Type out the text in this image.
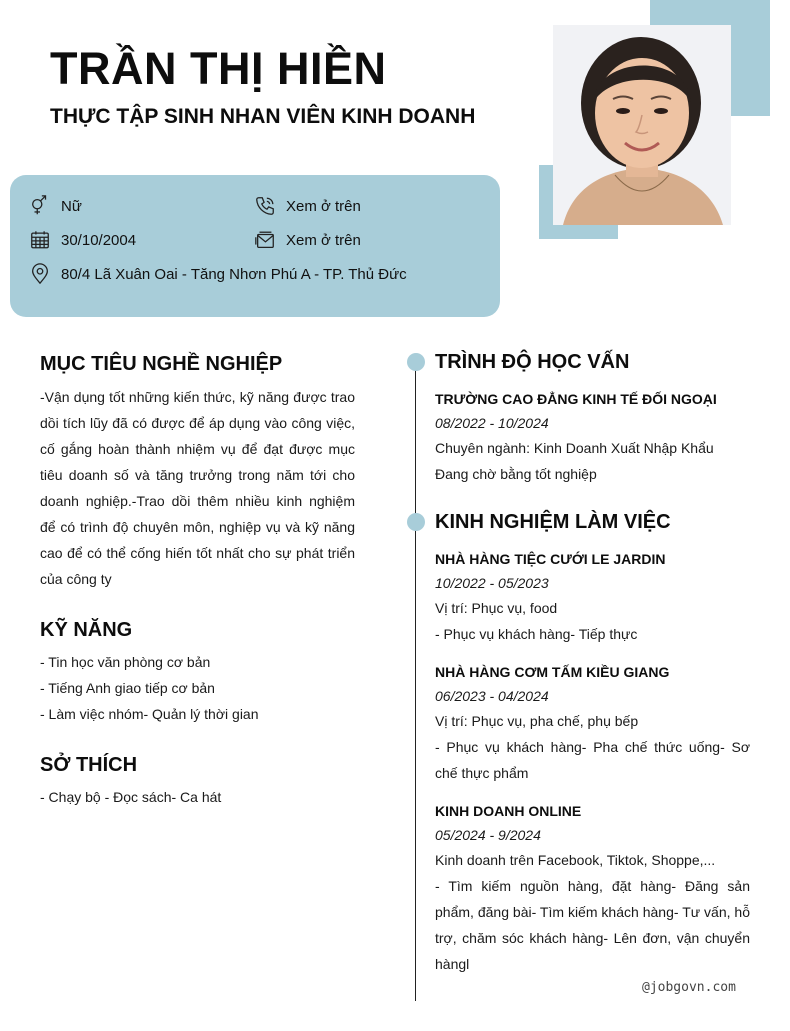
TRẦN THỊ HIỀN
THỰC TẬP SINH NHAN VIÊN KINH DOANH
Nữ
30/10/2004
80/4 Lã Xuân Oai - Tăng Nhơn Phú A - TP. Thủ Đức
Xem ở trên
Xem ở trên
MỤC TIÊU NGHỀ NGHIỆP
-Vận dụng tốt những kiến thức, kỹ năng được trao dồi tích lũy đã có được để áp dụng vào công việc, cố gắng hoàn thành nhiệm vụ để đạt được mục tiêu doanh số và tăng trưởng trong năm tới cho doanh nghiệp.-Trao dồi thêm nhiều kinh nghiệm để có trình độ chuyên môn, nghiệp vụ và kỹ năng cao để có thể cống hiến tốt nhất cho sự phát triển của công ty
KỸ NĂNG
- Tin học văn phòng cơ bản
- Tiếng Anh giao tiếp cơ bản
- Làm việc nhóm- Quản lý thời gian
SỞ THÍCH
- Chạy bộ - Đọc sách- Ca hát
TRÌNH ĐỘ HỌC VẤN
TRƯỜNG CAO ĐẲNG KINH TẾ ĐỐI NGOẠI
08/2022 - 10/2024
Chuyên ngành: Kinh Doanh Xuất Nhập Khẩu
Đang chờ bằng tốt nghiệp
KINH NGHIỆM LÀM VIỆC
NHÀ HÀNG TIỆC CƯỚI LE JARDIN
10/2022 - 05/2023
Vị trí: Phục vụ, food
- Phục vụ khách hàng- Tiếp thực
NHÀ HÀNG CƠM TẤM KIỀU GIANG
06/2023 - 04/2024
Vị trí: Phục vụ, pha chế, phụ bếp
- Phục vụ khách hàng- Pha chế thức uống- Sơ chế thực phẩm
KINH DOANH ONLINE
05/2024 - 9/2024
Kinh doanh trên Facebook, Tiktok, Shoppe,...
- Tìm kiếm nguồn hàng, đặt hàng- Đăng sản phẩm, đăng bài- Tìm kiếm khách hàng- Tư vấn, hỗ trợ, chăm sóc khách hàng- Lên đơn, vận chuyển hàngl
@jobgovn.com
